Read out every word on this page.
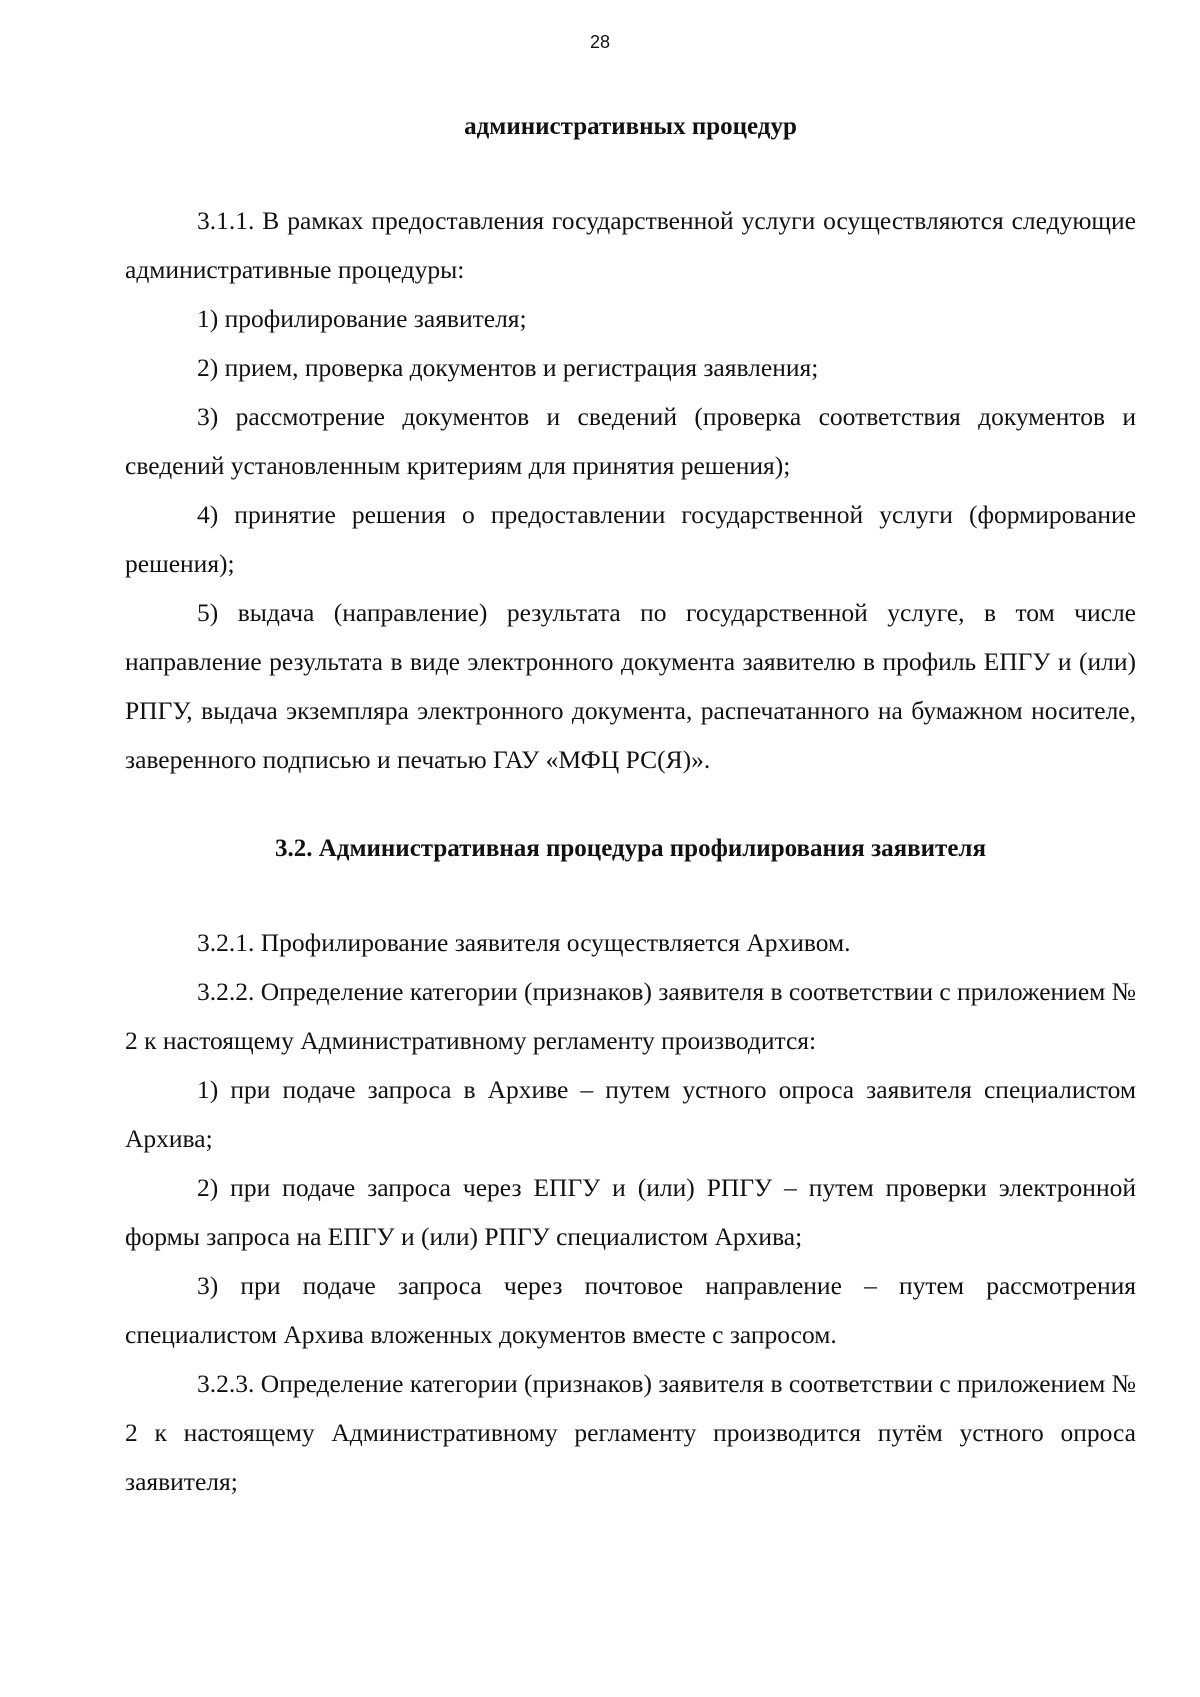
28
административных процедур

3.1.1. В рамках предоставления государственной услуги осуществляются следующие административные процедуры:

1) профилирование заявителя;

2) прием, проверка документов и регистрация заявления;

3) рассмотрение документов и сведений (проверка соответствия документов и сведений установленным критериям для принятия решения);

4) принятие решения о предоставлении государственной услуги (формирование решения);

5) выдача (направление) результата по государственной услуге, в том числе направление результата в виде электронного документа заявителю в профиль ЕПГУ и (или) РПГУ, выдача экземпляра электронного документа, распечатанного на бумажном носителе, заверенного подписью и печатью ГАУ «МФЦ РС(Я)».

3.2. Административная процедура профилирования заявителя

3.2.1. Профилирование заявителя осуществляется Архивом.

3.2.2. Определение категории (признаков) заявителя в соответствии с приложением № 2 к настоящему Административному регламенту производится:

1) при подаче запроса в Архиве – путем устного опроса заявителя специалистом Архива;

2) при подаче запроса через ЕПГУ и (или) РПГУ – путем проверки электронной формы запроса на ЕПГУ и (или) РПГУ специалистом Архива;

3) при подаче запроса через почтовое направление – путем рассмотрения специалистом Архива вложенных документов вместе с запросом.

3.2.3. Определение категории (признаков) заявителя в соответствии с приложением № 2 к настоящему Административному регламенту производится путём устного опроса заявителя;
